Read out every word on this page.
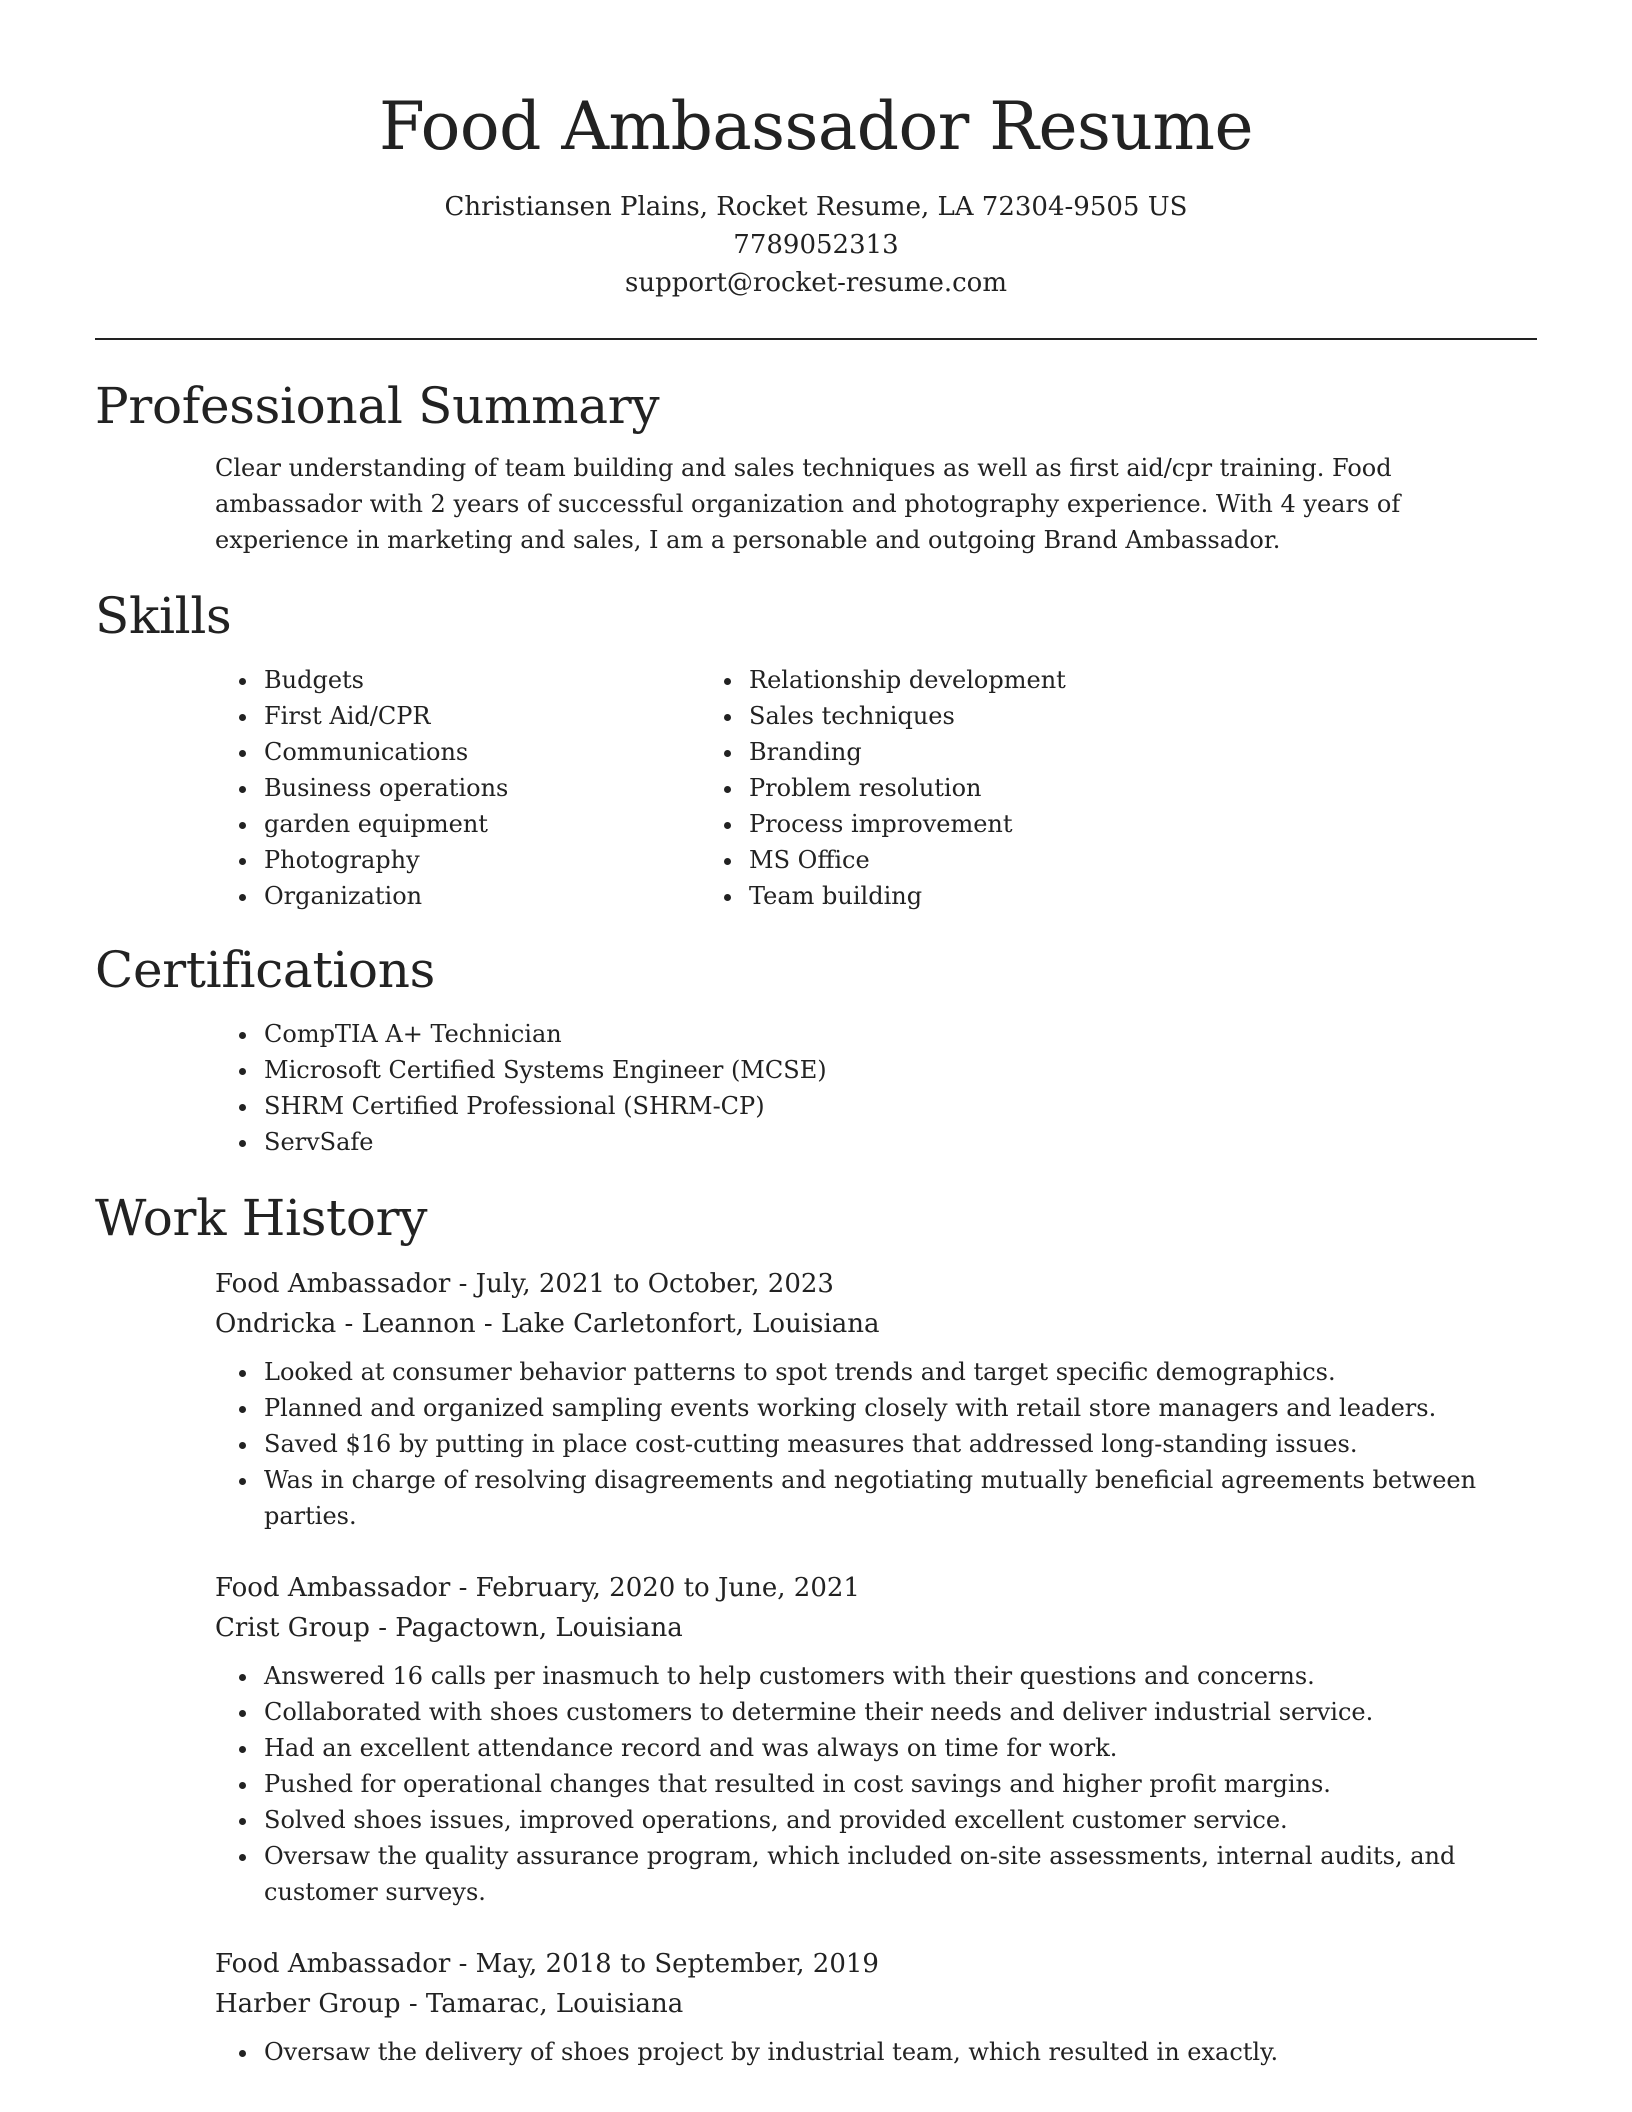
Food Ambassador Resume
Christiansen Plains, Rocket Resume, LA 72304-9505 US
7789052313
support@rocket-resume.com
Professional Summary

Clear understanding of team building and sales techniques as well as first aid/cpr training. Food ambassador with 2 years of successful organization and photography experience. With 4 years of experience in marketing and sales, I am a personable and outgoing Brand Ambassador.

Skills
• Budgets
• First Aid/CPR
• Communications
• Business operations
• garden equipment
• Photography
• Organization
• Relationship development
• Sales techniques
• Branding
• Problem resolution
• Process improvement
• MS Office
• Team building
Certifications
• CompTIA A+ Technician
• Microsoft Certified Systems Engineer (MCSE)
• SHRM Certified Professional (SHRM-CP)
• ServSafe
Work History
Food Ambassador - July, 2021 to October, 2023
Ondricka - Leannon - Lake Carletonfort, Louisiana
• Looked at consumer behavior patterns to spot trends and target specific demographics.
• Planned and organized sampling events working closely with retail store managers and leaders.
• Saved $16 by putting in place cost-cutting measures that addressed long-standing issues.
• Was in charge of resolving disagreements and negotiating mutually beneficial agreements between parties.
Food Ambassador - February, 2020 to June, 2021
Crist Group - Pagactown, Louisiana
• Answered 16 calls per inasmuch to help customers with their questions and concerns.
• Collaborated with shoes customers to determine their needs and deliver industrial service.
• Had an excellent attendance record and was always on time for work.
• Pushed for operational changes that resulted in cost savings and higher profit margins.
• Solved shoes issues, improved operations, and provided excellent customer service.
• Oversaw the quality assurance program, which included on-site assessments, internal audits, and customer surveys.
Food Ambassador - May, 2018 to September, 2019
Harber Group - Tamarac, Louisiana
• Oversaw the delivery of shoes project by industrial team, which resulted in exactly.
